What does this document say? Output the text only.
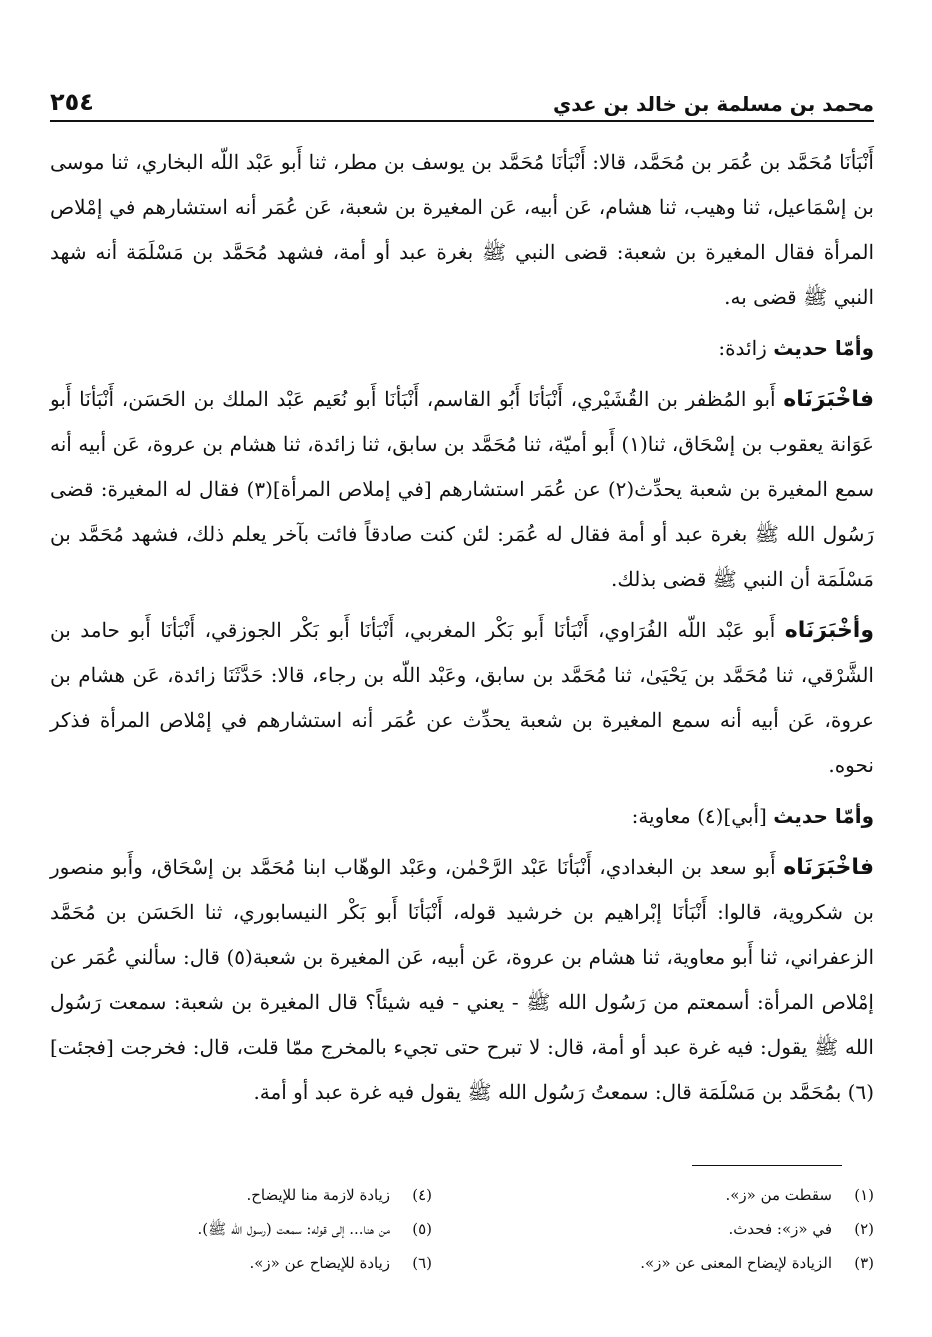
محمد بن مسلمة بن خالد بن عدي
٢٥٤

أَنْبَأنَا مُحَمَّد بن عُمَر بن مُحَمَّد، قالا: أَنْبَأنَا مُحَمَّد بن يوسف بن مطر، ثنا أَبو عَبْد اللّه البخاري، ثنا موسى بن إسْمَاعيل، ثنا وهيب، ثنا هشام، عَن أبيه، عَن المغيرة بن شعبة، عَن عُمَر أنه استشارهم في إمْلاص المرأة فقال المغيرة بن شعبة: قضى النبي ﷺ بغرة عبد أو أمة، فشهد مُحَمَّد بن مَسْلَمَة أنه شهد النبي ﷺ قضى به.

وأمّا حديث زائدة:

فاخْبَرَنَاه أَبو المُظفر بن القُشَيْري، أَنْبَأنَا أَبُو القاسم، أَنْبَأنَا أَبو نُعَيم عَبْد الملك بن الحَسَن، أَنْبَأنَا أَبو عَوَانة يعقوب بن إسْحَاق، ثنا(١) أَبو أميّة، ثنا مُحَمَّد بن سابق، ثنا زائدة، ثنا هشام بن عروة، عَن أبيه أنه سمع المغيرة بن شعبة يحدِّث(٢) عن عُمَر استشارهم [في إملاص المرأة](٣) فقال له المغيرة: قضى رَسُول الله ﷺ بغرة عبد أو أمة فقال له عُمَر: لئن كنت صادقاً فائت بآخر يعلم ذلك، فشهد مُحَمَّد بن مَسْلَمَة أن النبي ﷺ قضى بذلك.

وأخْبَرَنَاه أَبو عَبْد اللّه الفُرَاوي، أَنْبَأنَا أَبو بَكْر المغربي، أَنْبَأنَا أَبو بَكْر الجوزقي، أَنْبَأنَا أَبو حامد بن الشَّرْقي، ثنا مُحَمَّد بن يَحْيَىٰ، ثنا مُحَمَّد بن سابق، وعَبْد اللّه بن رجاء، قالا: حَدَّثَنَا زائدة، عَن هشام بن عروة، عَن أبيه أنه سمع المغيرة بن شعبة يحدِّث عن عُمَر أنه استشارهم في إمْلاص المرأة فذكر نحوه.

وأمّا حديث [أبي](٤) معاوية:

فاخْبَرَنَاه أَبو سعد بن البغدادي، أَنْبَأنَا عَبْد الرَّحْمٰن، وعَبْد الوهّاب ابنا مُحَمَّد بن إسْحَاق، وأَبو منصور بن شكروية، قالوا: أَنْبَأنَا إبْراهيم بن خرشيد قوله، أَنْبَأنَا أَبو بَكْر النيسابوري، ثنا الحَسَن بن مُحَمَّد الزعفراني، ثنا أَبو معاوية، ثنا هشام بن عروة، عَن أبيه، عَن المغيرة بن شعبة(٥) قال: سألني عُمَر عن إمْلاص المرأة: أسمعتم من رَسُول الله ﷺ - يعني - فيه شيئاً؟ قال المغيرة بن شعبة: سمعت رَسُول الله ﷺ يقول: فيه غرة عبد أو أمة، قال: لا تبرح حتى تجيء بالمخرج ممّا قلت، قال: فخرجت [فجئت](٦) بمُحَمَّد بن مَسْلَمَة قال: سمعتُ رَسُول الله ﷺ يقول فيه غرة عبد أو أمة.

(١)
سقطت من «ز».
(٢)
في «ز»: فحدث.
(٣)
الزيادة لإيضاح المعنى عن «ز».
(٤)
زيادة لازمة منا للإيضاح.
(٥)
من هنا... إلى قوله: سمعت (رسول الله ﷺ).
(٦)
زيادة للإيضاح عن «ز».
